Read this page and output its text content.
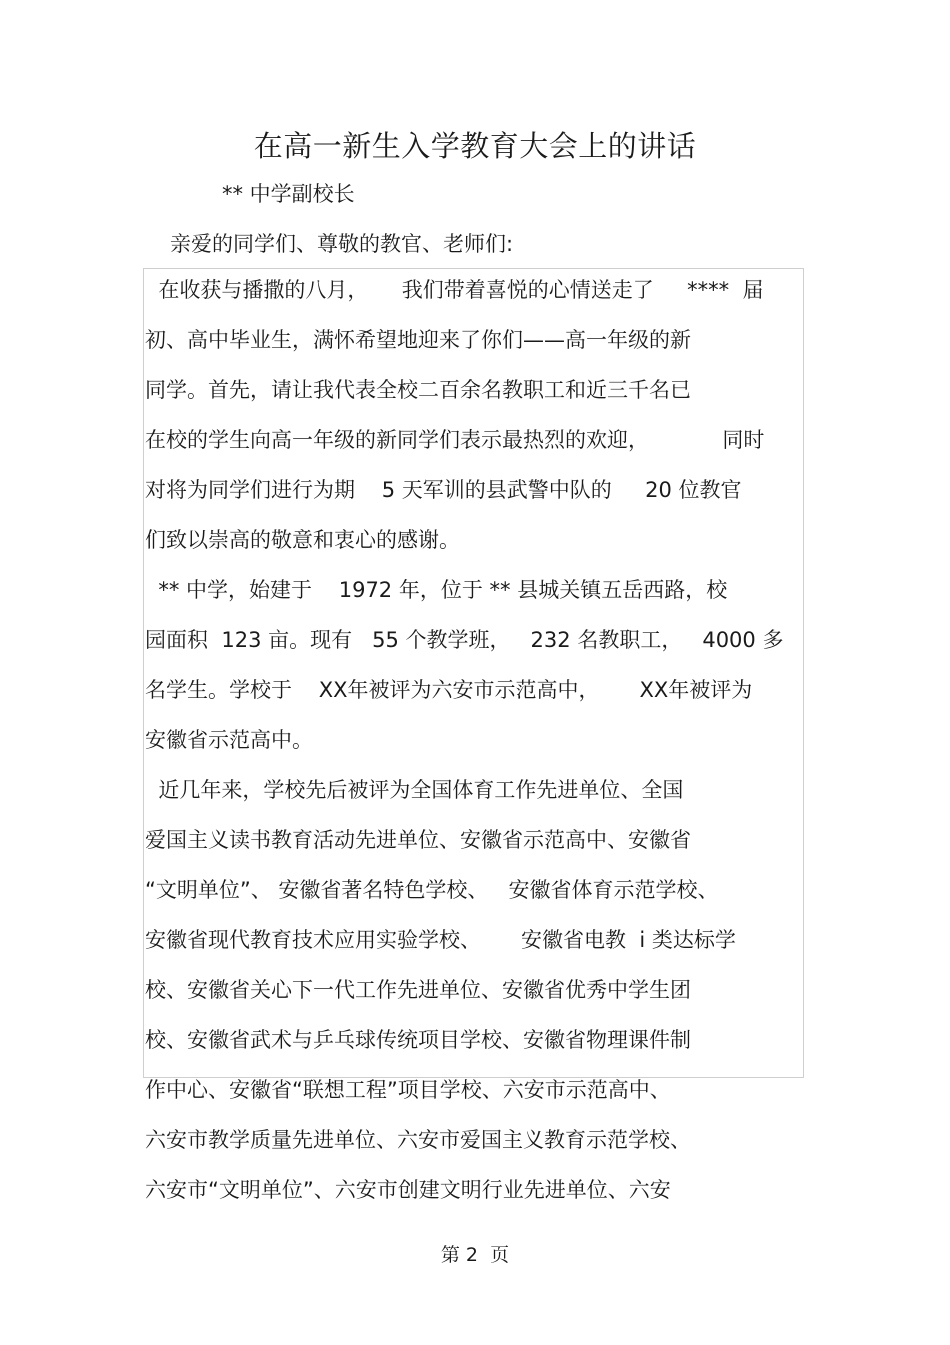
在高一新生入学教育大会上的讲话
** 中学副校长
亲爱的同学们、尊敬的教官、老师们:
在收获与播撒的八月，     我们带着喜悦的心情送走了     ****  届
初、高中毕业生，满怀希望地迎来了你们——高一年级的新
同学。首先，请让我代表全校二百余名教职工和近三千名已
在校的学生向高一年级的新同学们表示最热烈的欢迎，           同时
对将为同学们进行为期    5 天军训的县武警中队的     20 位教官
们致以崇高的敬意和衷心的感谢。
** 中学，始建于    1972 年，位于 ** 县城关镇五岳西路，校
园面积  123 亩。现有   55 个教学班，   232 名教职工，   4000 多
名学生。学校于    XX年被评为六安市示范高中，      XX年被评为
安徽省示范高中。
近几年来，学校先后被评为全国体育工作先进单位、全国
爱国主义读书教育活动先进单位、安徽省示范高中、安徽省
“文明单位”、 安徽省著名特色学校、   安徽省体育示范学校、
安徽省现代教育技术应用实验学校、      安徽省电教  ⅰ 类达标学
校、安徽省关心下一代工作先进单位、安徽省优秀中学生团
校、安徽省武术与乒乓球传统项目学校、安徽省物理课件制
作中心、安徽省“联想工程”项目学校、六安市示范高中、
六安市教学质量先进单位、六安市爱国主义教育示范学校、
六安市“文明单位”、六安市创建文明行业先进单位、六安
第 2  页
